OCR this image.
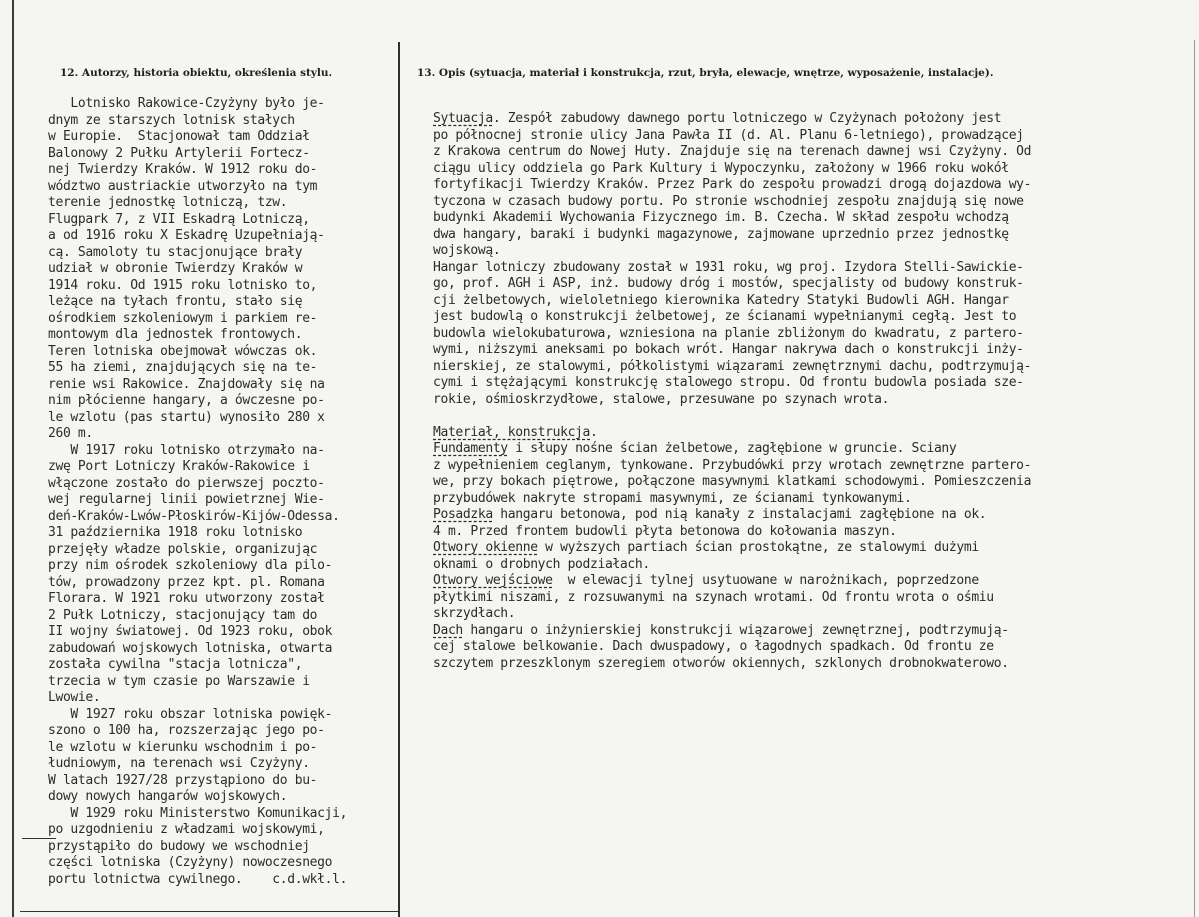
12. Autorzy, historia obiektu, określenia stylu.	13. Opis (sytuacja, materiał i konstrukcja, rzut, bryła, elewacje, wnętrze, wyposażenie, instalacje).
Lotnisko Rakowice-Czyżyny było je-
dnym ze starszych lotnisk stałych
w Europie.  Stacjonował tam Oddział
Balonowy 2 Pułku Artylerii Fortecz-
nej Twierdzy Kraków. W 1912 roku do-
wództwo austriackie utworzyło na tym
terenie jednostkę lotniczą, tzw.
Flugpark 7, z VII Eskadrą Lotniczą,
a od 1916 roku X Eskadrę Uzupełniają-
cą. Samoloty tu stacjonujące brały
udział w obronie Twierdzy Kraków w
1914 roku. Od 1915 roku lotnisko to,
leżące na tyłach frontu, stało się
ośrodkiem szkoleniowym i parkiem re-
montowym dla jednostek frontowych.
Teren lotniska obejmował wówczas ok.
55 ha ziemi, znajdujących się na te-
renie wsi Rakowice. Znajdowały się na
nim płócienne hangary, a ówczesne po-
le wzlotu (pas startu) wynosiło 280 x
260 m.
W 1917 roku lotnisko otrzymało na-
zwę Port Lotniczy Kraków-Rakowice i
włączone zostało do pierwszej poczto-
wej regularnej linii powietrznej Wie-
deń-Kraków-Lwów-Płoskirów-Kijów-Odessa.
31 października 1918 roku lotnisko
przejęły władze polskie, organizując
przy nim ośrodek szkoleniowy dla pilo-
tów, prowadzony przez kpt. pl. Romana
Florara. W 1921 roku utworzony został
2 Pułk Lotniczy, stacjonujący tam do
II wojny światowej. Od 1923 roku, obok
zabudowań wojskowych lotniska, otwarta
została cywilna "stacja lotnicza",
trzecia w tym czasie po Warszawie i
Lwowie.
W 1927 roku obszar lotniska powięk-
szono o 100 ha, rozszerzając jego po-
le wzlotu w kierunku wschodnim i po-
łudniowym, na terenach wsi Czyżyny.
W latach 1927/28 przystąpiono do bu-
dowy nowych hangarów wojskowych.
W 1929 roku Ministerstwo Komunikacji,
po uzgodnieniu z władzami wojskowymi,
przystąpiło do budowy we wschodniej
części lotniska (Czyżyny) nowoczesnego
portu lotnictwa cywilnego.    c.d.wkł.l.
Sytuacja. Zespół zabudowy dawnego portu lotniczego w Czyżynach położony jest
po północnej stronie ulicy Jana Pawła II (d. Al. Planu 6-letniego), prowadzącej
z Krakowa centrum do Nowej Huty. Znajduje się na terenach dawnej wsi Czyżyny. Od
ciągu ulicy oddziela go Park Kultury i Wypoczynku, założony w 1966 roku wokół
fortyfikacji Twierdzy Kraków. Przez Park do zespołu prowadzi drogą dojazdowa wy-
tyczona w czasach budowy portu. Po stronie wschodniej zespołu znajdują się nowe
budynki Akademii Wychowania Fizycznego im. B. Czecha. W skład zespołu wchodzą
dwa hangary, baraki i budynki magazynowe, zajmowane uprzednio przez jednostkę
wojskową.
Hangar lotniczy zbudowany został w 1931 roku, wg proj. Izydora Stelli-Sawickie-
go, prof. AGH i ASP, inż. budowy dróg i mostów, specjalisty od budowy konstruk-
cji żelbetowych, wieloletniego kierownika Katedry Statyki Budowli AGH. Hangar
jest budowlą o konstrukcji żelbetowej, ze ścianami wypełnianymi cegłą. Jest to
budowla wielokubaturowa, wzniesiona na planie zbliżonym do kwadratu, z partero-
wymi, niższymi aneksami po bokach wrót. Hangar nakrywa dach o konstrukcji inży-
nierskiej, ze stalowymi, półkolistymi wiązarami zewnętrznymi dachu, podtrzymują-
cymi i stężającymi konstrukcję stalowego stropu. Od frontu budowla posiada sze-
rokie, ośmioskrzydłowe, stalowe, przesuwane po szynach wrota.
Materiał, konstrukcja.
Fundamenty i słupy nośne ścian żelbetowe, zagłębione w gruncie. Ściany
z wypełnieniem ceglanym, tynkowane. Przybudówki przy wrotach zewnętrzne partero-
we, przy bokach piętrowe, połączone masywnymi klatkami schodowymi. Pomieszczenia
przybudówek nakryte stropami masywnymi, ze ścianami tynkowanymi.
Posadzka hangaru betonowa, pod nią kanały z instalacjami zagłębione na ok.
4 m. Przed frontem budowli płyta betonowa do kołowania maszyn.
Otwory okienne w wyższych partiach ścian prostokątne, ze stalowymi dużymi
oknami o drobnych podziałach.
Otwory wejściowe  w elewacji tylnej usytuowane w narożnikach, poprzedzone
płytkimi niszami, z rozsuwanymi na szynach wrotami. Od frontu wrota o ośmiu
skrzydłach.
Dach hangaru o inżynierskiej konstrukcji wiązarowej zewnętrznej, podtrzymują-
cej stalowe belkowanie. Dach dwuspadowy, o łagodnych spadkach. Od frontu ze
szczytem przeszklonym szeregiem otworów okiennych, szklonych drobnokwaterowo.
